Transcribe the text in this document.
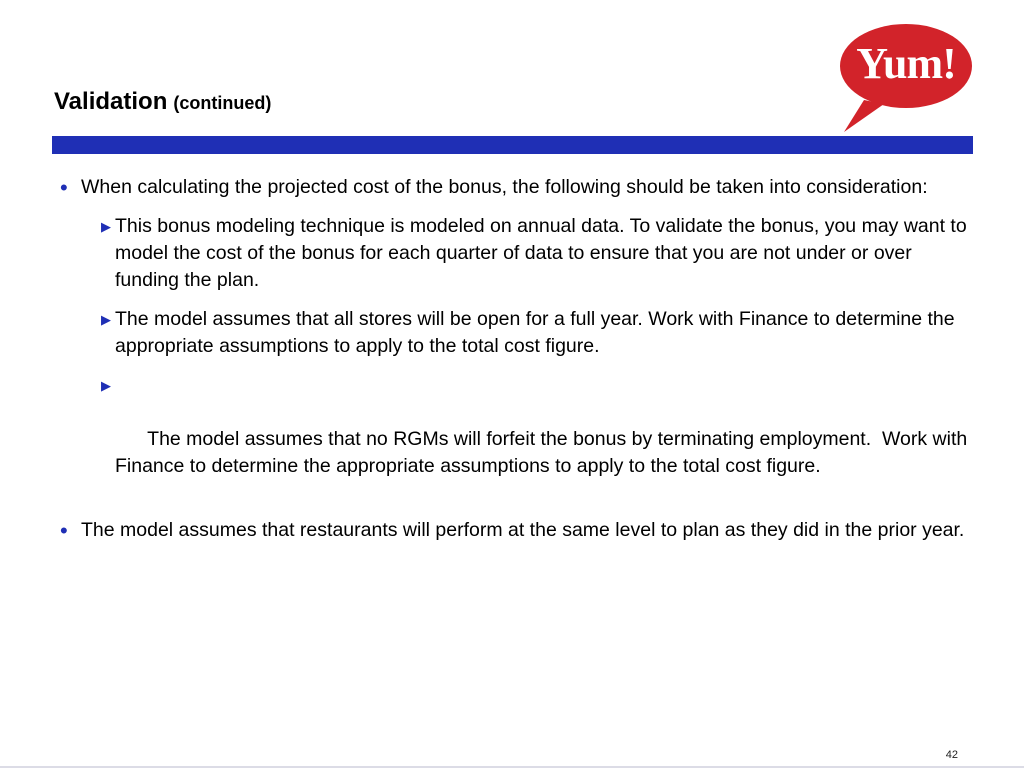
Validation (continued)
Yum!
• When calculating the projected cost of the bonus, the following should be taken into consideration:
▶ This bonus modeling technique is modeled on annual data. To validate the bonus, you may want to model the cost of the bonus for each quarter of data to ensure that you are not under or over funding the plan.
▶ The model assumes that all stores will be open for a full year. Work with Finance to determine the appropriate assumptions to apply to the total cost figure.

▶

The model assumes that no RGMs will forfeit the bonus by terminating employment.  Work with Finance to determine the appropriate assumptions to apply to the total cost figure.

• The model assumes that restaurants will perform at the same level to plan as they did in the prior year.
42
